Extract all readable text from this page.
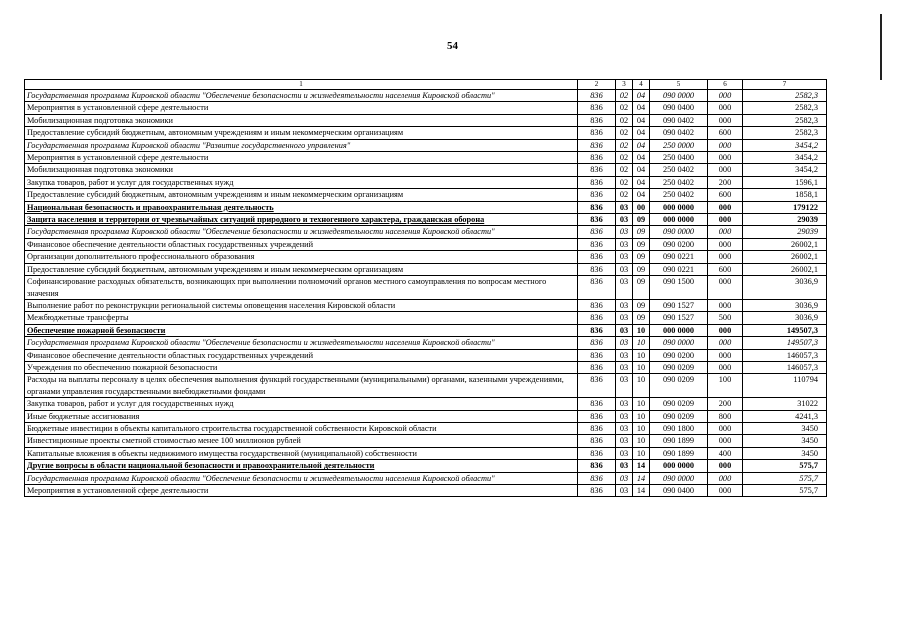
54
1	2	3	4	5	6	7
Государственная программа Кировской области "Обеспечение безопасности и жизнедеятельности населения Кировской области"	836	02	04	090 0000	000	2582,3
Мероприятия в установленной сфере деятельности	836	02	04	090 0400	000	2582,3
Мобилизационная подготовка экономики	836	02	04	090 0402	000	2582,3
Предоставление субсидий бюджетным, автономным учреждениям и иным некоммерческим организациям	836	02	04	090 0402	600	2582,3
Государственная программа Кировской области "Развитие государственного управления"	836	02	04	250 0000	000	3454,2
Мероприятия в установленной сфере деятельности	836	02	04	250 0400	000	3454,2
Мобилизационная подготовка экономики	836	02	04	250 0402	000	3454,2
Закупка товаров, работ и услуг для государственных нужд	836	02	04	250 0402	200	1596,1
Предоставление субсидий бюджетным, автономным учреждениям и иным некоммерческим организациям	836	02	04	250 0402	600	1858,1
Национальная безопасность и правоохранительная деятельность	836	03	00	000 0000	000	179122
Защита населения и территории от чрезвычайных ситуаций природного и техногенного характера, гражданская оборона	836	03	09	000 0000	000	29039
Государственная программа Кировской области "Обеспечение безопасности и жизнедеятельности населения Кировской области"	836	03	09	090 0000	000	29039
Финансовое обеспечение деятельности областных государственных учреждений	836	03	09	090 0200	000	26002,1
Организации дополнительного профессионального образования	836	03	09	090 0221	000	26002,1
Предоставление субсидий бюджетным, автономным учреждениям и иным некоммерческим организациям	836	03	09	090 0221	600	26002,1
Софинансирование расходных обязательств, возникающих при выполнении полномочий органов местного самоуправления по вопросам местного значения	836	03	09	090 1500	000	3036,9
Выполнение работ по реконструкции региональной системы оповещения населения Кировской области	836	03	09	090 1527	000	3036,9
Межбюджетные трансферты	836	03	09	090 1527	500	3036,9
Обеспечение пожарной безопасности	836	03	10	000 0000	000	149507,3
Государственная программа Кировской области "Обеспечение безопасности и жизнедеятельности населения Кировской области"	836	03	10	090 0000	000	149507,3
Финансовое обеспечение деятельности областных государственных учреждений	836	03	10	090 0200	000	146057,3
Учреждения по обеспечению пожарной безопасности	836	03	10	090 0209	000	146057,3
Расходы на выплаты персоналу в целях обеспечения выполнения функций государственными (муниципальными) органами, казенными учреждениями, органами управления государственными внебюджетными фондами	836	03	10	090 0209	100	110794
Закупка товаров, работ и услуг для государственных нужд	836	03	10	090 0209	200	31022
Иные бюджетные ассигнования	836	03	10	090 0209	800	4241,3
Бюджетные инвестиции в объекты капитального строительства государственной собственности Кировской области	836	03	10	090 1800	000	3450
Инвестиционные проекты сметной стоимостью менее 100 миллионов рублей	836	03	10	090 1899	000	3450
Капитальные вложения в объекты недвижимого имущества государственной (муниципальной) собственности	836	03	10	090 1899	400	3450
Другие вопросы в области национальной безопасности и правоохранительной деятельности	836	03	14	000 0000	000	575,7
Государственная программа Кировской области "Обеспечение безопасности и жизнедеятельности населения Кировской области"	836	03	14	090 0000	000	575,7
Мероприятия в установленной сфере деятельности	836	03	14	090 0400	000	575,7
